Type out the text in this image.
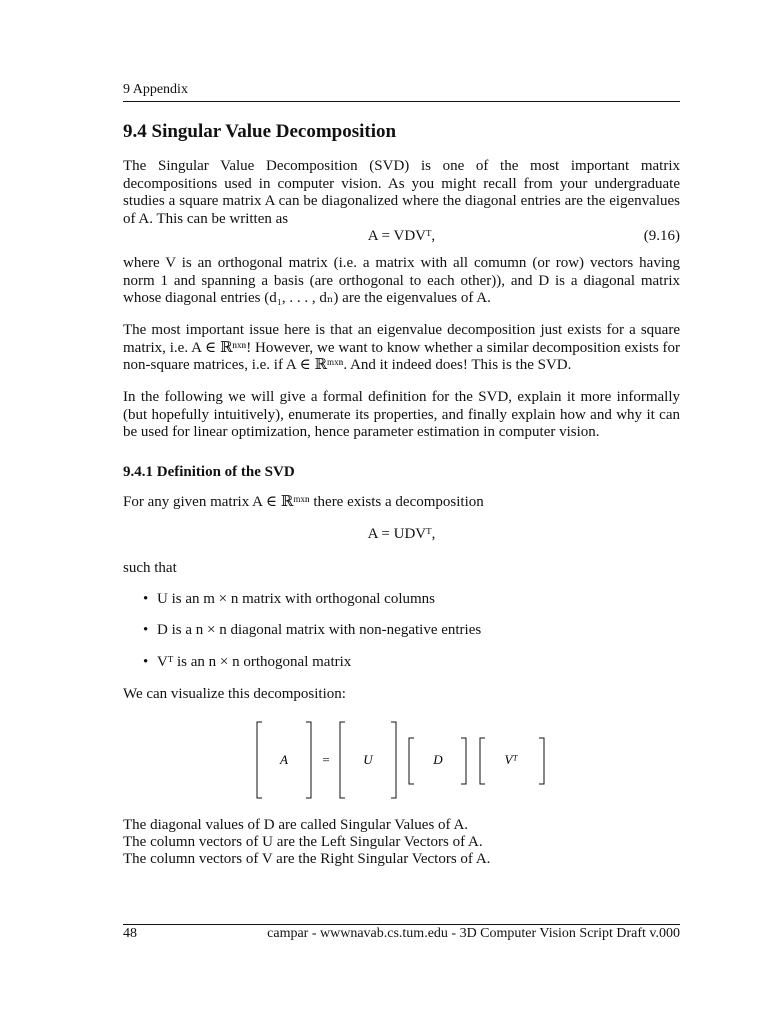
9 Appendix
9.4 Singular Value Decomposition
The Singular Value Decomposition (SVD) is one of the most important matrix decompositions used in computer vision. As you might recall from your undergraduate studies a square matrix A can be diagonalized where the diagonal entries are the eigenvalues of A. This can be written as
A = VDVᵀ,	(9.16)
where V is an orthogonal matrix (i.e. a matrix with all comumn (or row) vectors having norm 1 and spanning a basis (are orthogonal to each other)), and D is a diagonal matrix whose diagonal entries (d₁, . . . , dₙ) are the eigenvalues of A.
The most important issue here is that an eigenvalue decomposition just exists for a square matrix, i.e. A ∈ ℝⁿˣⁿ! However, we want to know whether a similar decomposition exists for non-square matrices, i.e. if A ∈ ℝᵐˣⁿ. And it indeed does! This is the SVD.
In the following we will give a formal definition for the SVD, explain it more informally (but hopefully intuitively), enumerate its properties, and finally explain how and why it can be used for linear optimization, hence parameter estimation in computer vision.
9.4.1 Definition of the SVD
For any given matrix A ∈ ℝᵐˣⁿ there exists a decomposition
A = UDVᵀ,
such that
• U is an m × n matrix with orthogonal columns
• D is a n × n diagonal matrix with non-negative entries
• Vᵀ is an n × n orthogonal matrix
We can visualize this decomposition:
A	=	U	D	Vᵀ
The diagonal values of D are called Singular Values of A.
The column vectors of U are the Left Singular Vectors of A.
The column vectors of V are the Right Singular Vectors of A.
48	campar - wwwnavab.cs.tum.edu - 3D Computer Vision Script Draft v.000
